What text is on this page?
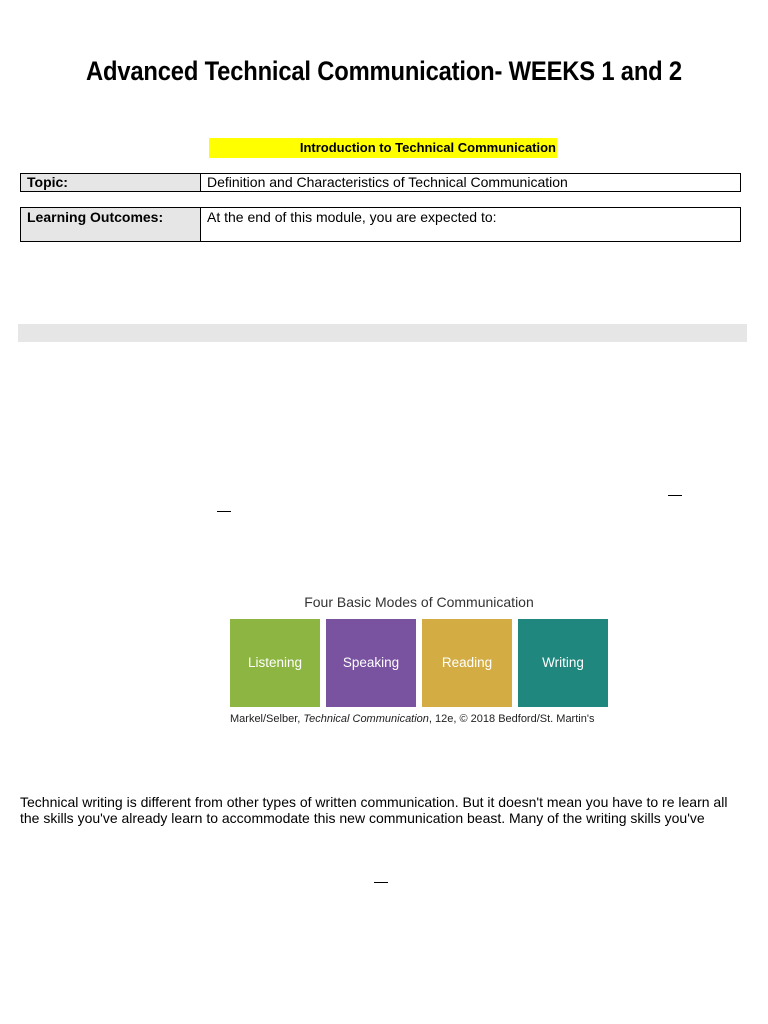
Advanced Technical Communication- WEEKS 1 and 2
Introduction to Technical Communication
Topic:	Definition and Characteristics of Technical Communication
Learning Outcomes:	At the end of this module, you are expected to:
Four Basic Modes of Communication
Listening	Speaking	Reading	Writing
Markel/Selber, Technical Communication, 12e, © 2018 Bedford/St. Martin's

Technical writing is different from other types of written communication. But it doesn't mean you have to re learn all the skills you've already learn to accommodate this new communication beast. Many of the writing skills you've
